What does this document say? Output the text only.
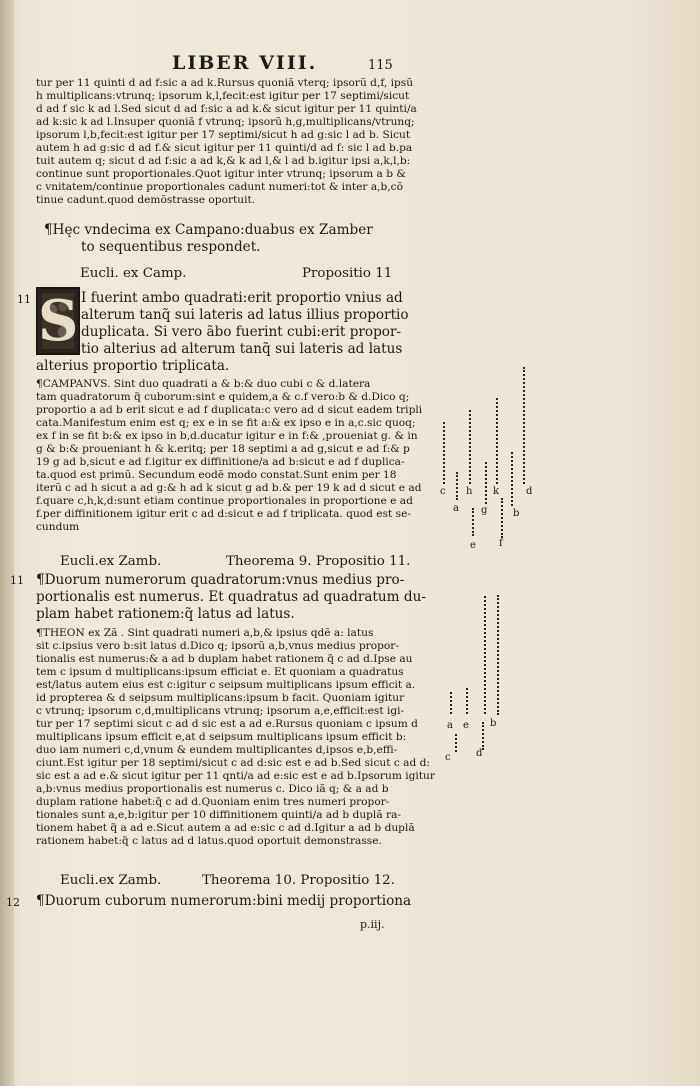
LIBER VIII.	115
tur per 11 quinti d ad f:sic a ad k.Rursus quoniã vterq; ipsorũ d,f, ipsũ
h multiplicans:vtrunq; ipsorum k,l,fecit:est igitur per 17 septimi/sicut
d ad f sic k ad l.Sed sicut d ad f:sic a ad k.& sicut igitur per 11 quinti/a
ad k:sic k ad l.Insuper quoniã f vtrunq; ipsorũ h,g,multiplicans/vtrunq;
ipsorum l,b,fecit:est igitur per 17 septimi/sicut h ad g:sic l ad b. Sicut
autem h ad g:sic d ad f.& sicut igitur per 11 quinti/d ad f: sic l ad b.pa
tuit autem q; sicut d ad f:sic a ad k,& k ad l,& l ad b.igitur ipsi a,k,l,b:
continue sunt proportionales.Quot igitur inter vtrunq; ipsorum a b &
c vnitatem/continue proportionales cadunt numeri:tot & inter a,b,cõ
tinue cadunt.quod demõstrasse oportuit.
¶Hęc vndecima ex Campano:duabus ex Zamber
to sequentibus respondet.
Eucli. ex Camp.	Propositio 11
11 S I fuerint ambo quadrati:erit proportio vnius ad
alterum tanq̃ sui lateris ad latus illius proportio
duplicata. Si vero ãbo fuerint cubi:erit propor-
tio alterius ad alterum tanq̃ sui lateris ad latus
alterius proportio triplicata.
¶CAMPANVS. Sint duo quadrati a & b:& duo cubi c & d.latera
tam quadratorum q̃ cuborum:sint e quidem,a & c.f vero:b & d.Dico q;
proportio a ad b erit sicut e ad f duplicata:c vero ad d sicut eadem tripli
cata.Manifestum enim est q; ex e in se fit a:& ex ipso e in a,c.sic quoq;
ex f in se fit b:& ex ipso in b,d.ducatur igitur e in f:& ,proueniat g. & in
g & b:& proueniant h & k.eritq; per 18 septimi a ad g,sicut e ad f:& p
19 g ad b,sicut e ad f.igitur ex diffinitione/a ad b:sicut e ad f duplica-
ta.quod est primũ. Secundum eodẽ modo constat.Sunt enim per 18
iterũ c ad h sicut a ad g:& h ad k sicut g ad b.& per 19 k ad d sicut e ad
f.quare c,h,k,d:sunt etiam continue proportionales in proportione e ad
f.per diffinitionem igitur erit c ad d:sicut e ad f triplicata. quod est se-
cundum
Eucli.ex Zamb.	Theorema 9. Propositio 11.
11 ¶Duorum numerorum quadratorum:vnus medius pro-
portionalis est numerus. Et quadratus ad quadratum du-
plam habet rationem:q̃ latus ad latus.
¶THEON ex Zã . Sint quadrati numeri a,b,& ipsius qdẽ a: latus
sit c.ipsius vero b:sit latus d.Dico q; ipsorũ a,b,vnus medius propor-
tionalis est numerus:& a ad b duplam habet rationem q̃ c ad d.Ipse au
tem c ipsum d multiplicans:ipsum efficiat e. Et quoniam a quadratus
est/latus autem eius est c:igitur c seipsum multiplicans ipsum efficit a.
id propterea & d seipsum multiplicans:ipsum b facit. Quoniam igitur
c vtrunq; ipsorum c,d,multiplicans vtrunq; ipsorum a,e,efficit:est igi-
tur per 17 septimi sicut c ad d sic est a ad e.Rursus quoniam c ipsum d
multiplicans ipsum efficit e,at d seipsum multiplicans ipsum efficit b:
duo iam numeri c,d,vnum & eundem multiplicantes d,ipsos e,b,effi-
ciunt.Est igitur per 18 septimi/sicut c ad d:sic est e ad b.Sed sicut c ad d:
sic est a ad e.& sicut igitur per 11 qnti/a ad e:sic est e ad b.Ipsorum igitur
a,b:vnus medius proportionalis est numerus c. Dico iã q; & a ad b
duplam ratione habet:q̃ c ad d.Quoniam enim tres numeri propor-
tionales sunt a,e,b:igitur per 10 diffinitionem quinti/a ad b duplã ra-
tionem habet q̃ a ad e.Sicut autem a ad e:sic c ad d.Igitur a ad b duplã
rationem habet:q̃ c latus ad d latus.quod oportuit demonstrasse.
Eucli.ex Zamb.	Theorema 10. Propositio 12.
12 ¶Duorum cuborum numerorum:bini medij proportiona
p.iij.
c h k	d
a g	b
e f
a e b
c	d
